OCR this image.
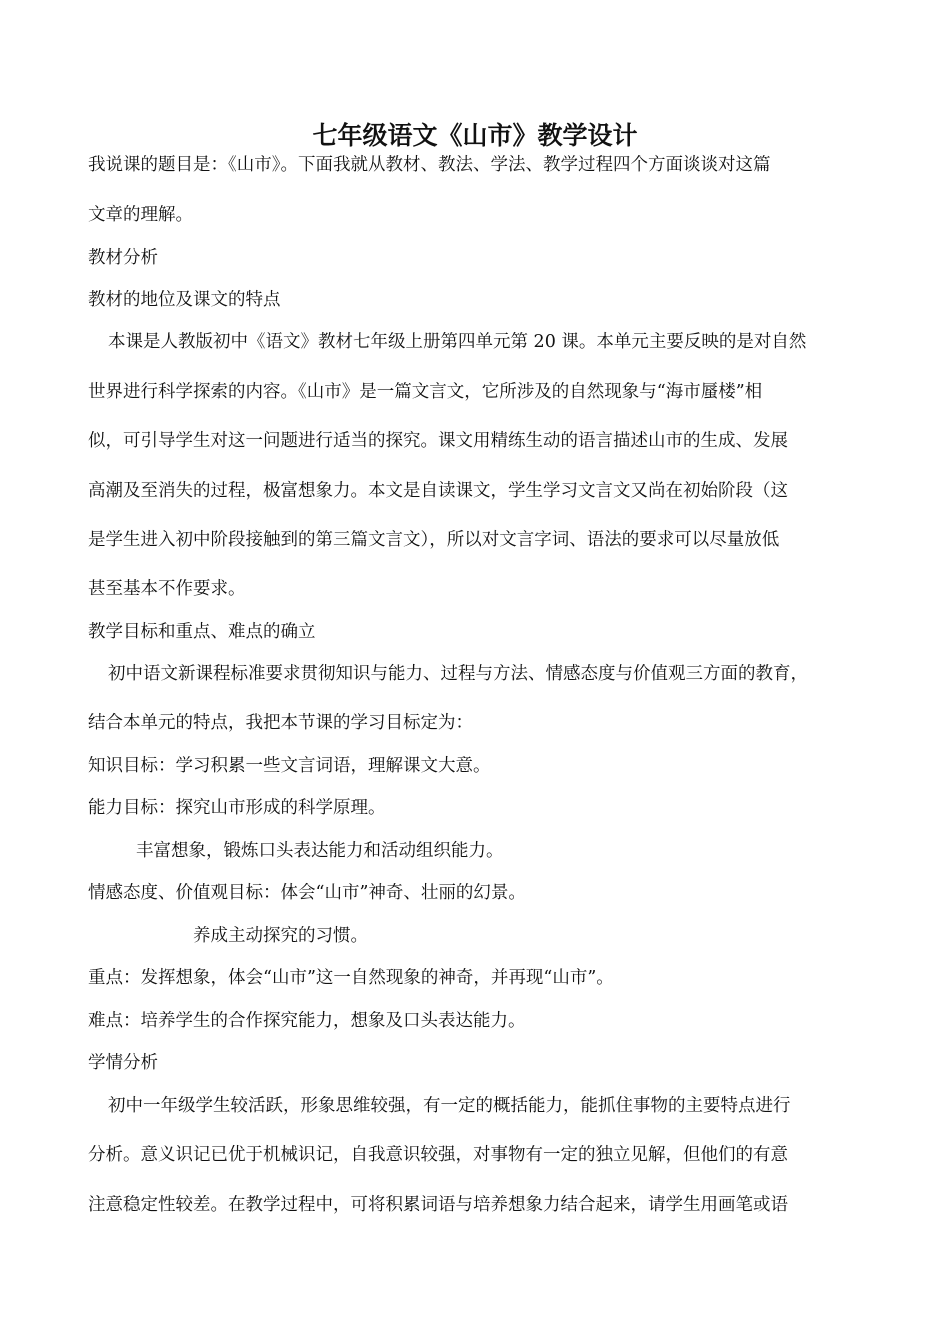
七年级语文《山市》教学设计

我说课的题目是：《山市》。下面我就从教材、教法、学法、教学过程四个方面谈谈对这篇

文章的理解。

教材分析

教材的地位及课文的特点

本课是人教版初中《语文》教材七年级上册第四单元第 20 课。本单元主要反映的是对自然

世界进行科学探索的内容。《山市》是一篇文言文，它所涉及的自然现象与“海市蜃楼”相

似，可引导学生对这一问题进行适当的探究。课文用精练生动的语言描述山市的生成、发展

高潮及至消失的过程，极富想象力。本文是自读课文，学生学习文言文又尚在初始阶段（这

是学生进入初中阶段接触到的第三篇文言文），所以对文言字词、语法的要求可以尽量放低

甚至基本不作要求。

教学目标和重点、难点的确立

初中语文新课程标准要求贯彻知识与能力、过程与方法、情感态度与价值观三方面的教育，

结合本单元的特点，我把本节课的学习目标定为：

知识目标：学习积累一些文言词语，理解课文大意。

能力目标：探究山市形成的科学原理。

丰富想象，锻炼口头表达能力和活动组织能力。

情感态度、价值观目标：体会“山市”神奇、壮丽的幻景。

养成主动探究的习惯。

重点：发挥想象，体会“山市”这一自然现象的神奇，并再现“山市”。

难点：培养学生的合作探究能力，想象及口头表达能力。

学情分析

初中一年级学生较活跃，形象思维较强，有一定的概括能力，能抓住事物的主要特点进行

分析。意义识记已优于机械识记，自我意识较强，对事物有一定的独立见解，但他们的有意

注意稳定性较差。在教学过程中，可将积累词语与培养想象力结合起来，请学生用画笔或语
